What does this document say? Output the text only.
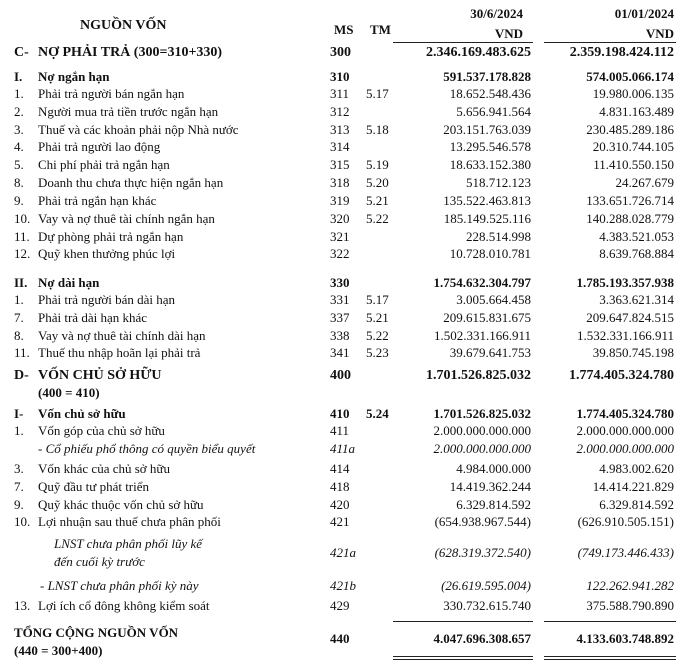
NGUỒN VỐN	MS TM
30/6/2024	01/01/2024
VND	VND
C- NỢ PHẢI TRẢ (300=310+330)	300	2.346.169.483.625	2.359.198.424.112
I. Nợ ngắn hạn	310	591.537.178.828	574.005.066.174
1. Phải trả người bán ngắn hạn	311	5.17	18.652.548.436	19.980.006.135
2. Người mua trả tiền trước ngắn hạn	312	5.656.941.564	4.831.163.489
3. Thuế và các khoản phải nộp Nhà nước	313	5.18	203.151.763.039	230.485.289.186
4. Phải trả người lao động	314	13.295.546.578	20.310.744.105
5. Chi phí phải trả ngắn hạn	315	5.19	18.633.152.380	11.410.550.150
8. Doanh thu chưa thực hiện ngắn hạn	318	5.20	518.712.123	24.267.679
9. Phải trả ngắn hạn khác	319	5.21	135.522.463.813	133.651.726.714
10. Vay và nợ thuê tài chính ngắn hạn	320	5.22	185.149.525.116	140.288.028.779
11. Dự phòng phải trả ngắn hạn	321	228.514.998	4.383.521.053
12. Quỹ khen thưởng phúc lợi	322	10.728.010.781	8.639.768.884
II. Nợ dài hạn	330	1.754.632.304.797	1.785.193.357.938
1. Phải trả người bán dài hạn	331	5.17	3.005.664.458	3.363.621.314
7. Phải trả dài hạn khác	337	5.21	209.615.831.675	209.647.824.515
8. Vay và nợ thuê tài chính dài hạn	338	5.22	1.502.331.166.911	1.532.331.166.911
11. Thuế thu nhập hoãn lại phải trả	341	5.23	39.679.641.753	39.850.745.198
D- VỐN CHỦ SỞ HỮU	400	1.701.526.825.032	1.774.405.324.780
(400 = 410)
I- Vốn chủ sở hữu	410	5.24	1.701.526.825.032	1.774.405.324.780
1. Vốn góp của chủ sở hữu	411	2.000.000.000.000	2.000.000.000.000
- Cổ phiếu phổ thông có quyền biểu quyết	411a	2.000.000.000.000	2.000.000.000.000
3. Vốn khác của chủ sở hữu	414	4.984.000.000	4.983.002.620
7. Quỹ đầu tư phát triển	418	14.419.362.244	14.414.221.829
9. Quỹ khác thuộc vốn chủ sở hữu	420	6.329.814.592	6.329.814.592
10. Lợi nhuận sau thuế chưa phân phối	421	(654.938.967.544)	(626.910.505.151)
LNST chưa phân phối lũy kế
421a	(628.319.372.540)	(749.173.446.433)
đến cuối kỳ trước
- LNST chưa phân phối kỳ này	421b	(26.619.595.004)	122.262.941.282
13. Lợi ích cổ đông không kiểm soát	429	330.732.615.740	375.588.790.890
TỔNG CỘNG NGUỒN VỐN	440	4.047.696.308.657	4.133.603.748.892
(440 = 300+400)
